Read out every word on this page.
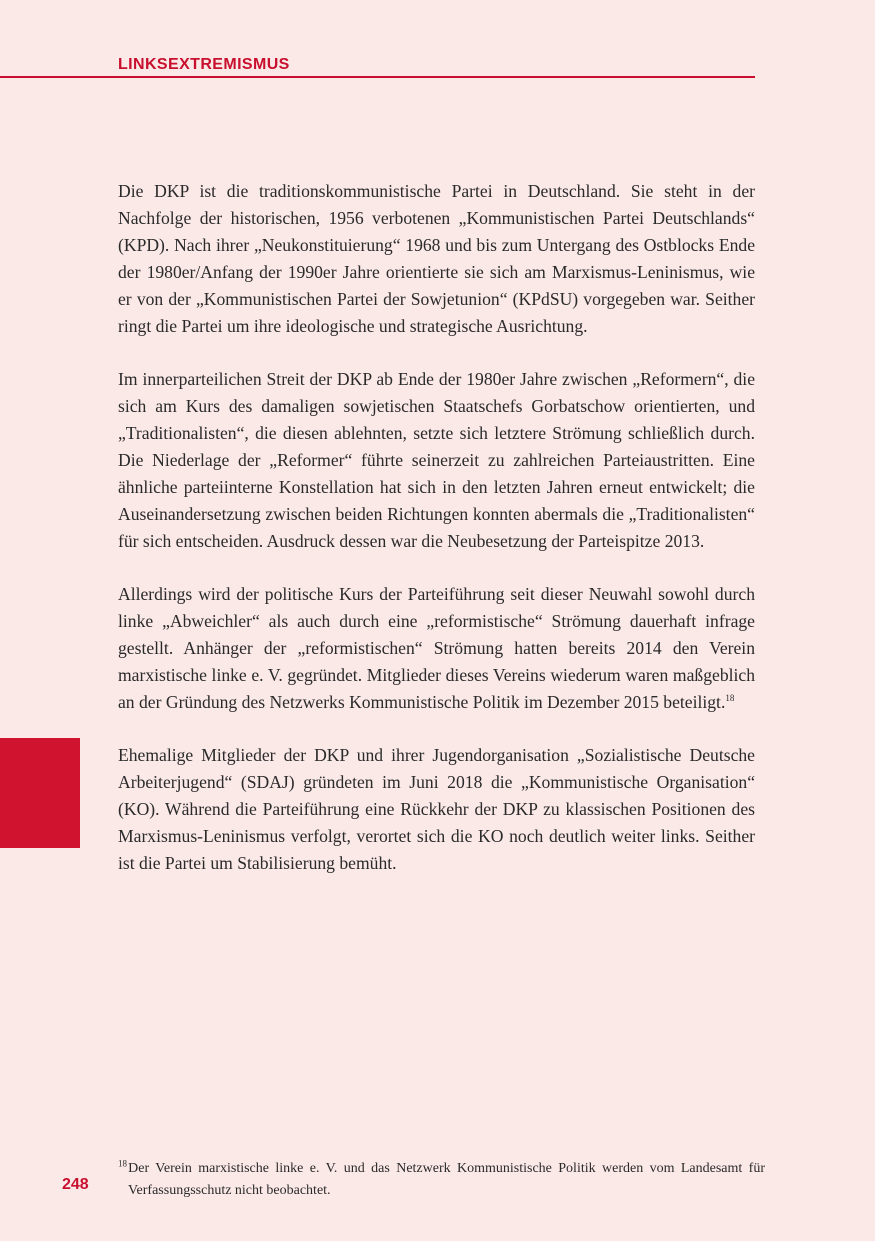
LINKSEXTREMISMUS

Die DKP ist die traditionskommunistische Partei in Deutschland. Sie steht in der Nachfolge der historischen, 1956 verbotenen „Kommunistischen Partei Deutschlands“ (KPD). Nach ihrer „Neukonstituierung“ 1968 und bis zum Untergang des Ostblocks Ende der 1980er/Anfang der 1990er Jahre orientierte sie sich am Marxismus-Leninismus, wie er von der „Kommunistischen Partei der Sowjetunion“ (KPdSU) vorgegeben war. Seither ringt die Partei um ihre ideologische und strategische Ausrichtung.

Im innerparteilichen Streit der DKP ab Ende der 1980er Jahre zwischen „Reformern“, die sich am Kurs des damaligen sowjetischen Staatschefs Gorbatschow orientierten, und „Traditionalisten“, die diesen ablehnten, setzte sich letztere Strömung schließlich durch. Die Niederlage der „Reformer“ führte seinerzeit zu zahlreichen Parteiaustritten. Eine ähnliche parteiinterne Konstellation hat sich in den letzten Jahren erneut entwickelt; die Auseinandersetzung zwischen beiden Richtungen konnten abermals die „Traditionalisten“ für sich entscheiden. Ausdruck dessen war die Neubesetzung der Parteispitze 2013.

Allerdings wird der politische Kurs der Parteiführung seit dieser Neuwahl sowohl durch linke „Abweichler“ als auch durch eine „reformistische“ Strömung dauerhaft infrage gestellt. Anhänger der „reformistischen“ Strömung hatten bereits 2014 den Verein marxistische linke e. V. gegründet. Mitglieder dieses Vereins wiederum waren maßgeblich an der Gründung des Netzwerks Kommunistische Politik im Dezember 2015 beteiligt.$^{18}$

Ehemalige Mitglieder der DKP und ihrer Jugendorganisation „Sozialistische Deutsche Arbeiterjugend“ (SDAJ) gründeten im Juni 2018 die „Kommunistische Organisation“ (KO). Während die Parteiführung eine Rückkehr der DKP zu klassischen Positionen des Marxismus-Leninismus verfolgt, verortet sich die KO noch deutlich weiter links. Seither ist die Partei um Stabilisierung bemüht.

$^{18}$ Der Verein marxistische linke e. V. und das Netzwerk Kommunistische Politik werden vom Landesamt für Verfassungsschutz nicht beobachtet.
248
